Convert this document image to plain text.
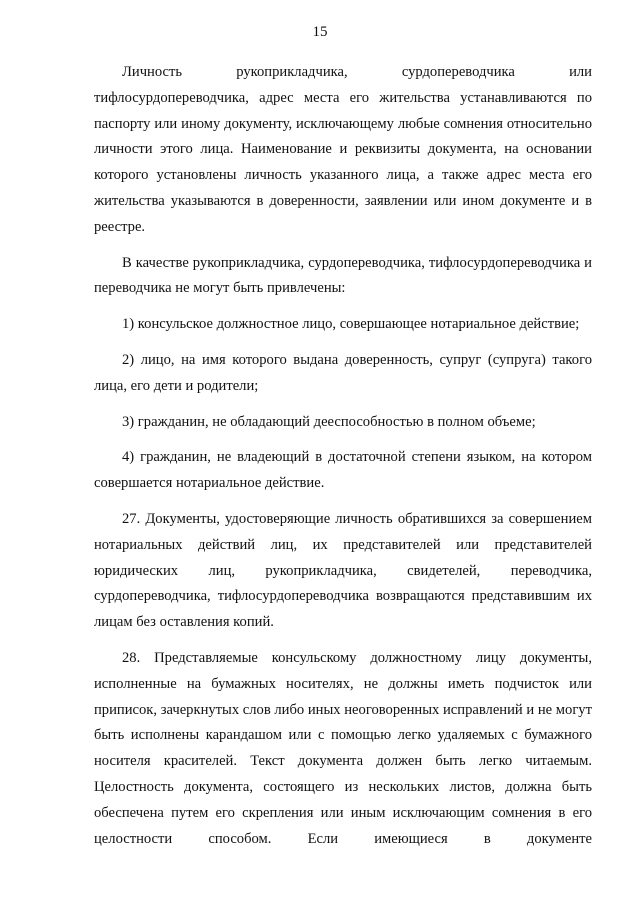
15

Личность рукоприкладчика, сурдопереводчика или тифлосурдопереводчика, адрес места его жительства устанавливаются по паспорту или иному документу, исключающему любые сомнения относительно личности этого лица. Наименование и реквизиты документа, на основании которого установлены личность указанного лица, а также адрес места его жительства указываются в доверенности, заявлении или ином документе и в реестре.

В качестве рукоприкладчика, сурдопереводчика, тифлосурдопереводчика и переводчика не могут быть привлечены:

1) консульское должностное лицо, совершающее нотариальное действие;

2) лицо, на имя которого выдана доверенность, супруг (супруга) такого лица, его дети и родители;

3) гражданин, не обладающий дееспособностью в полном объеме;

4) гражданин, не владеющий в достаточной степени языком, на котором совершается нотариальное действие.

27. Документы, удостоверяющие личность обратившихся за совершением нотариальных действий лиц, их представителей или представителей юридических лиц, рукоприкладчика, свидетелей, переводчика, сурдопереводчика, тифлосурдопереводчика возвращаются представившим их лицам без оставления копий.

28. Представляемые консульскому должностному лицу документы, исполненные на бумажных носителях, не должны иметь подчисток или приписок, зачеркнутых слов либо иных неоговоренных исправлений и не могут быть исполнены карандашом или с помощью легко удаляемых с бумажного носителя красителей. Текст документа должен быть легко читаемым. Целостность документа, состоящего из нескольких листов, должна быть обеспечена путем его скрепления или иным исключающим сомнения в его целостности способом. Если имеющиеся в документе
